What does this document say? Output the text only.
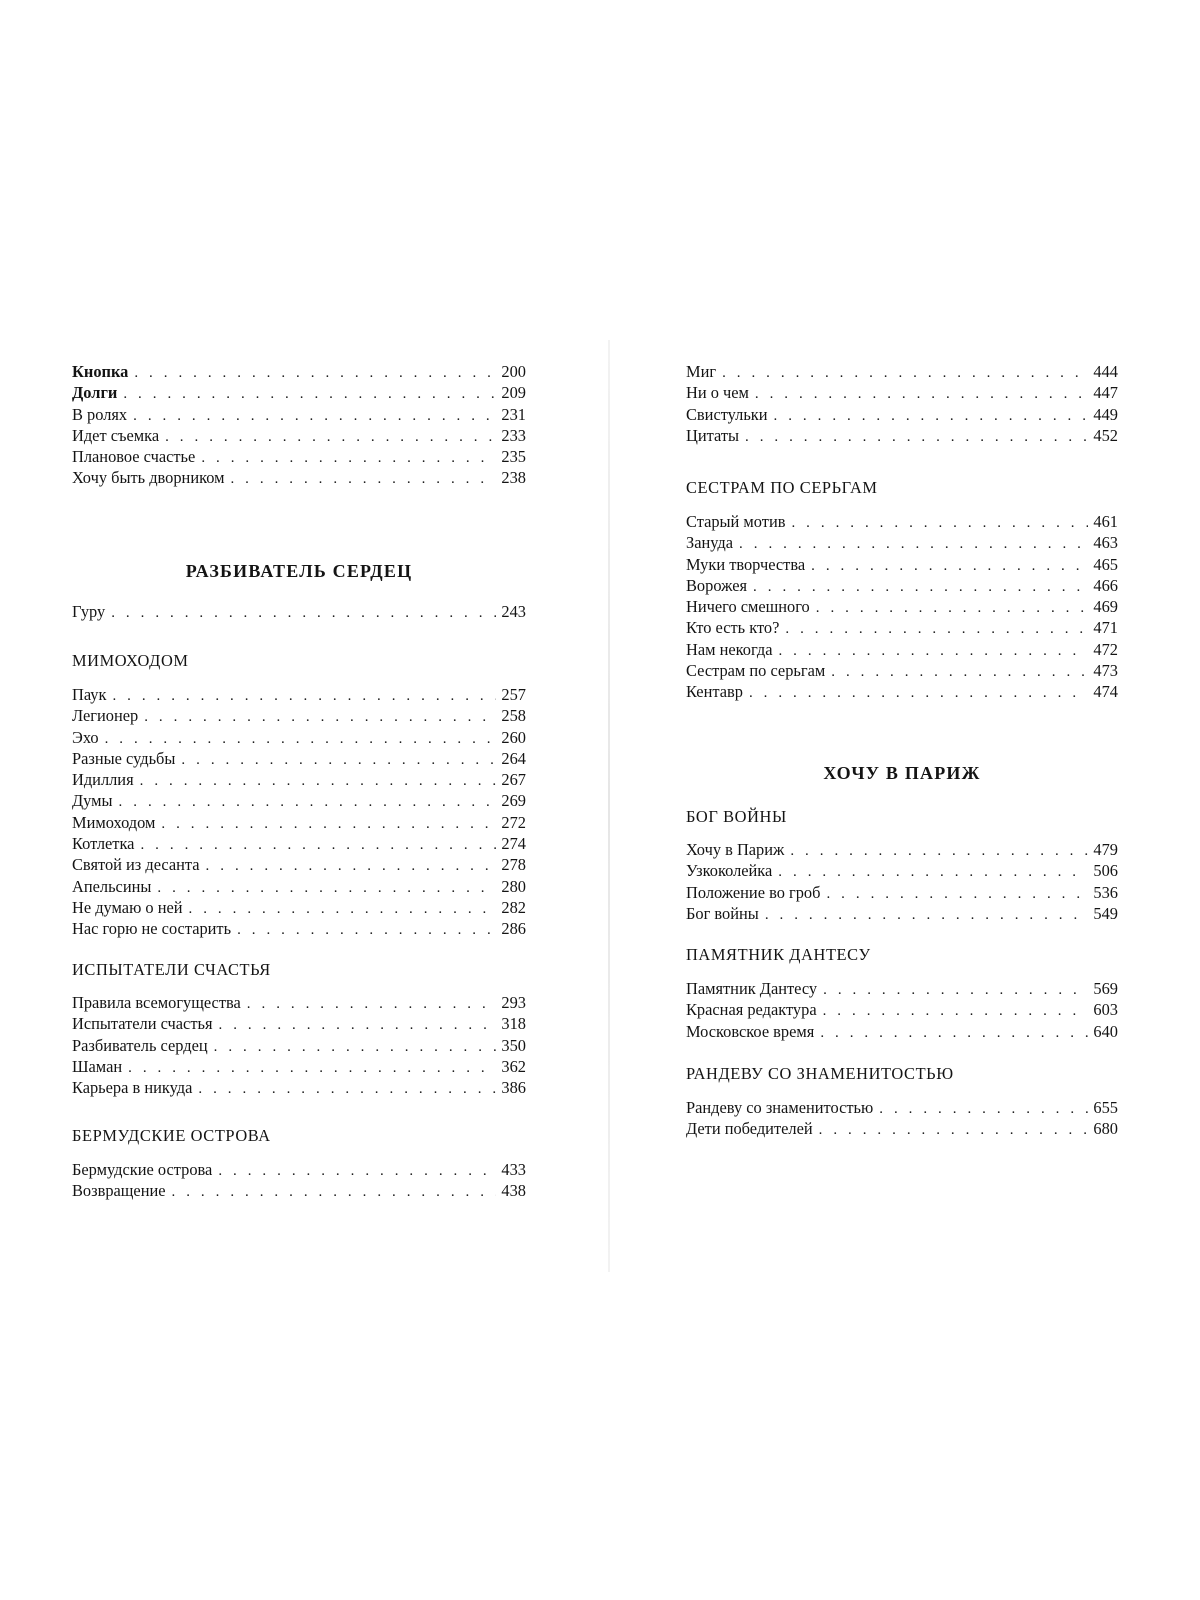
Кнопка . . .	200
Долги . . .	209
В ролях . . .	231
Идет съемка . . .	233
Плановое счастье . . .	235
Хочу быть дворником . . .	238
РАЗБИВАТЕЛЬ СЕРДЕЦ
Гуру . . .	243
МИМОХОДОМ
Паук . . .	257
Легионер . . .	258
Эхо . . .	260
Разные судьбы . . .	264
Идиллия . . .	267
Думы . . .	269
Мимоходом . . .	272
Котлетка . . .	274
Святой из десанта . . .	278
Апельсины . . .	280
Не думаю о ней . . .	282
Нас горю не состарить . . .	286
ИСПЫТАТЕЛИ СЧАСТЬЯ
Правила всемогущества . . .	293
Испытатели счастья . . .	318
Разбиватель сердец . . .	350
Шаман . . .	362
Карьера в никуда . . .	386
БЕРМУДСКИЕ ОСТРОВА
Бермудские острова . . .	433
Возвращение . . .	438
Миг . . .	444
Ни о чем . . .	447
Свистульки . . .	449
Цитаты . . .	452
СЕСТРАМ ПО СЕРЬГАМ
Старый мотив . . .	461
Зануда . . .	463
Муки творчества . . .	465
Ворожея . . .	466
Ничего смешного . . .	469
Кто есть кто? . . .	471
Нам некогда . . .	472
Сестрам по серьгам . . .	473
Кентавр . . .	474
ХОЧУ В ПАРИЖ
БОГ ВОЙНЫ
Хочу в Париж . . .	479
Узкоколейка . . .	506
Положение во гроб . . .	536
Бог войны . . .	549
ПАМЯТНИК ДАНТЕСУ
Памятник Дантесу . . .	569
Красная редактура . . .	603
Московское время . . .	640
РАНДЕВУ СО ЗНАМЕНИТОСТЬЮ
Рандеву со знаменитостью . . .	655
Дети победителей . . .	680
